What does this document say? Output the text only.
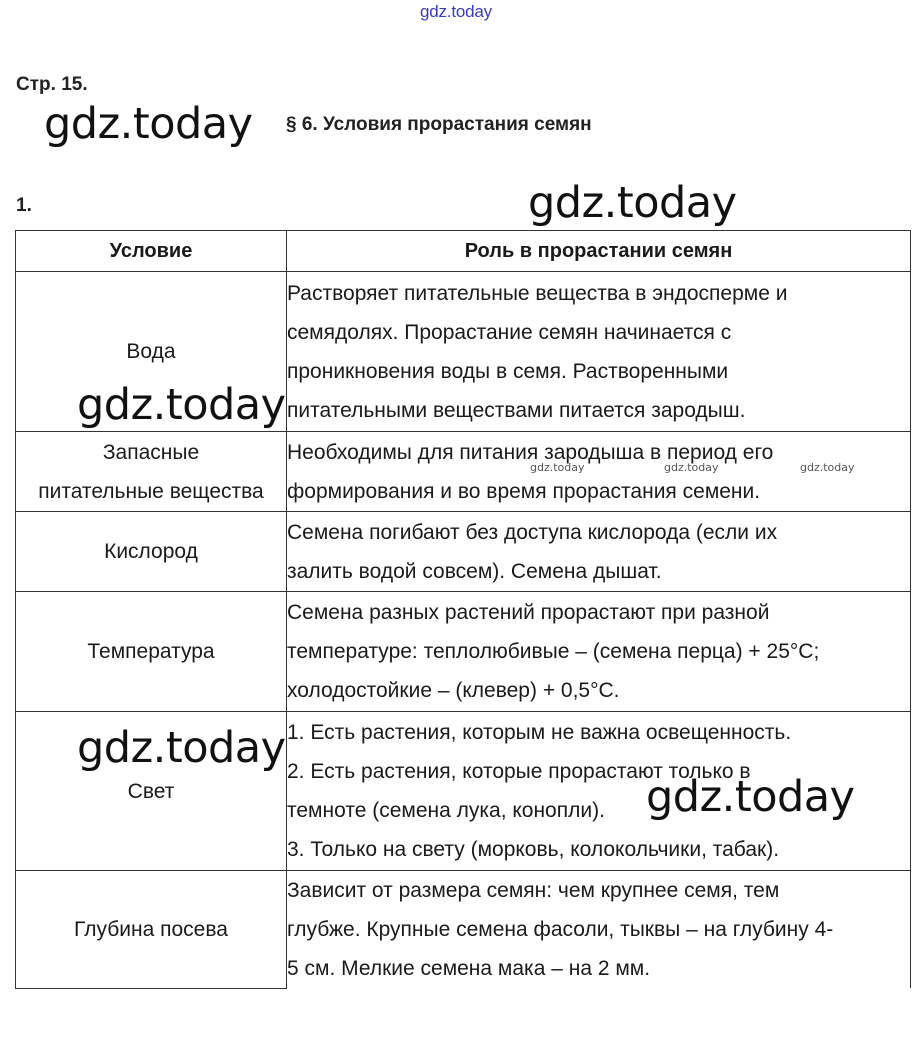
gdz.today
Стр. 15.
§ 6. Условия прорастания семян
1.
Условие	Роль в прорастании семян
Вода	Растворяет питательные вещества в эндосперме и
семядолях. Прорастание семян начинается с
проникновения воды в семя. Растворенными
питательными веществами питается зародыш.

Запасные
питательные вещества	Необходимы для питания зародыша в период его
формирования и во время прорастания семени.

Кислород	Семена погибают без доступа кислорода (если их
залить водой совсем). Семена дышат.

Температура	Семена разных растений прорастают при разной
температуре: теплолюбивые – (семена перца) + 25°С;
холодостойкие – (клевер) + 0,5°С.

Свет	1. Есть растения, которым не важна освещенность.
2. Есть растения, которые прорастают только в
темноте (семена лука, конопли).
3. Только на свету (морковь, колокольчики, табак).

Глубина посева	Зависит от размера семян: чем крупнее семя, тем
глубже. Крупные семена фасоли, тыквы – на глубину 4-
5 см. Мелкие семена мака – на 2 мм.
gdz.today
gdz.today
gdz.today
gdz.today
gdz.today
gdz.today	gdz.today	gdz.today
